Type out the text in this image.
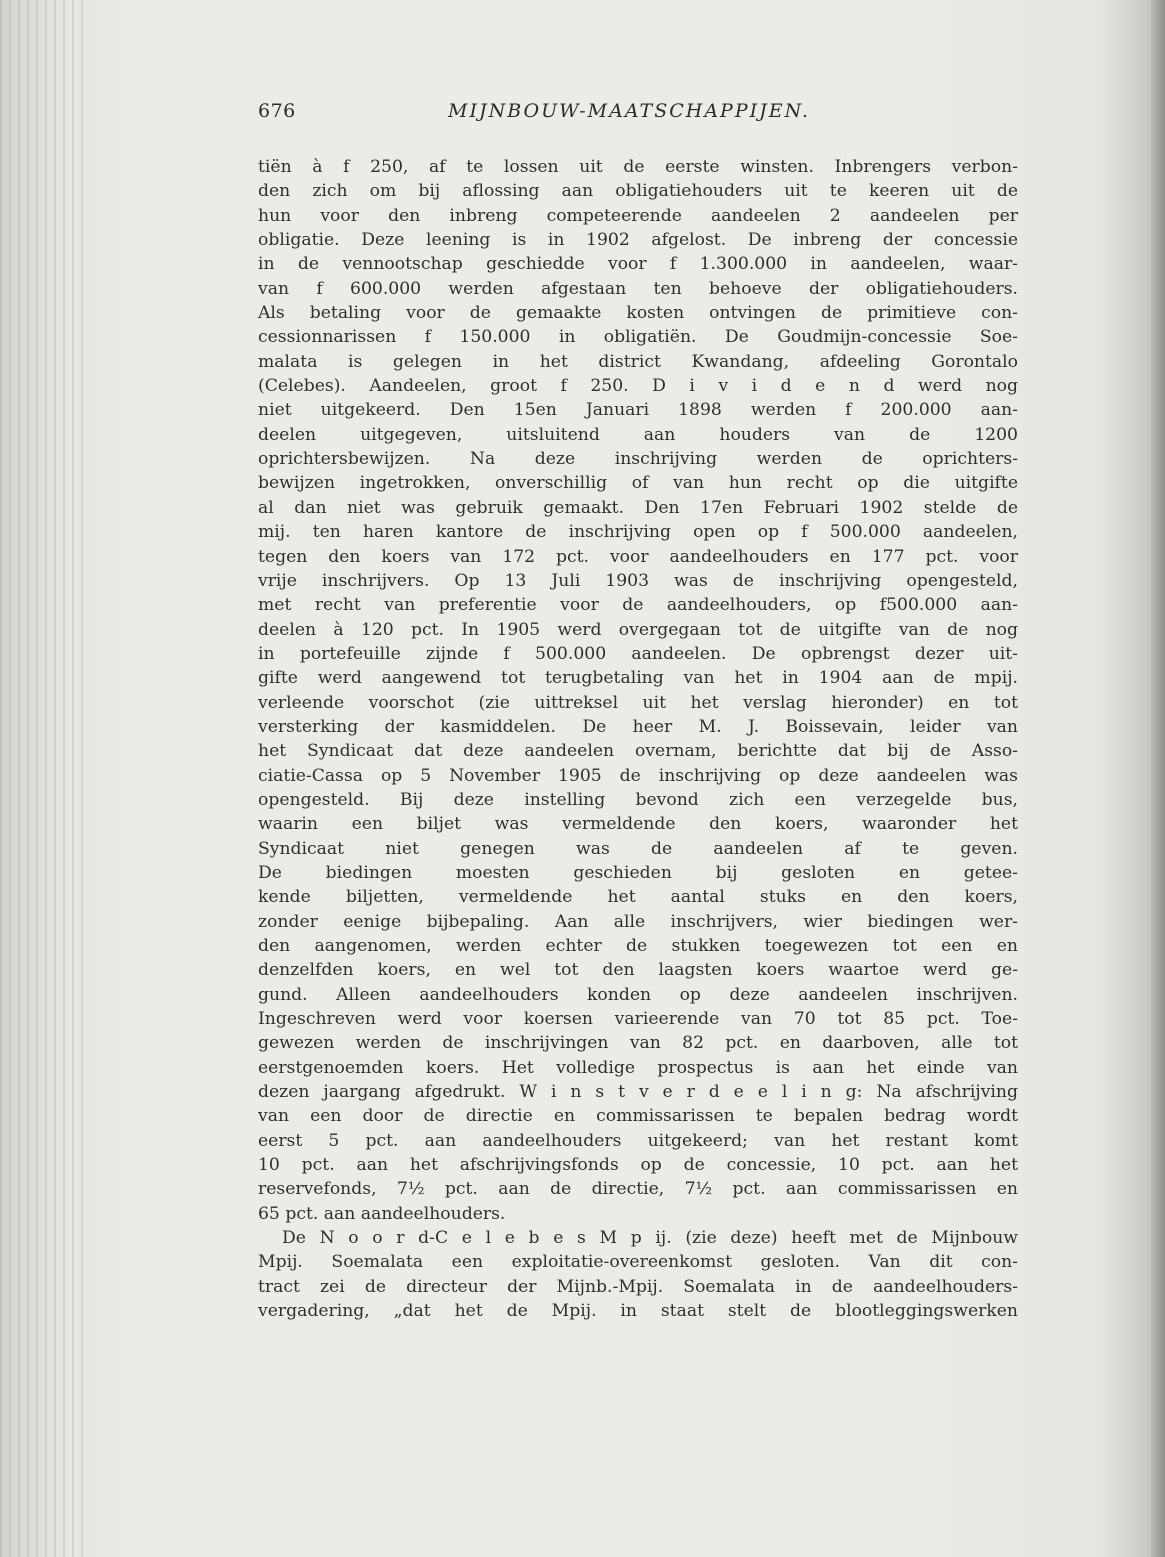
676	MIJNBOUW-MAATSCHAPPIJEN.
tiën à f 250, af te lossen uit de eerste winsten. Inbrengers verbon-
den zich om bij aflossing aan obligatiehouders uit te keeren uit de
hun voor den inbreng competeerende aandeelen 2 aandeelen per
obligatie. Deze leening is in 1902 afgelost. De inbreng der concessie
in de vennootschap geschiedde voor f 1.300.000 in aandeelen, waar-
van f 600.000 werden afgestaan ten behoeve der obligatiehouders.
Als betaling voor de gemaakte kosten ontvingen de primitieve con-
cessionnarissen f 150.000 in obligatiën. De Goudmijn-concessie Soe-
malata is gelegen in het district Kwandang, afdeeling Gorontalo
(Celebes). Aandeelen, groot f 250. D i v i d e n d werd nog
niet uitgekeerd. Den 15en Januari 1898 werden f 200.000 aan-
deelen uitgegeven, uitsluitend aan houders van de 1200
oprichtersbewijzen. Na deze inschrijving werden de oprichters-
bewijzen ingetrokken, onverschillig of van hun recht op die uitgifte
al dan niet was gebruik gemaakt. Den 17en Februari 1902 stelde de
mij. ten haren kantore de inschrijving open op f 500.000 aandeelen,
tegen den koers van 172 pct. voor aandeelhouders en 177 pct. voor
vrije inschrijvers. Op 13 Juli 1903 was de inschrijving opengesteld,
met recht van preferentie voor de aandeelhouders, op f500.000 aan-
deelen à 120 pct. In 1905 werd overgegaan tot de uitgifte van de nog
in portefeuille zijnde f 500.000 aandeelen. De opbrengst dezer uit-
gifte werd aangewend tot terugbetaling van het in 1904 aan de mpij.
verleende voorschot (zie uittreksel uit het verslag hieronder) en tot
versterking der kasmiddelen. De heer M. J. Boissevain, leider van
het Syndicaat dat deze aandeelen overnam, berichtte dat bij de Asso-
ciatie-Cassa op 5 November 1905 de inschrijving op deze aandeelen was
opengesteld. Bij deze instelling bevond zich een verzegelde bus,
waarin een biljet was vermeldende den koers, waaronder het
Syndicaat niet genegen was de aandeelen af te geven.
De biedingen moesten geschieden bij gesloten en getee-
kende biljetten, vermeldende het aantal stuks en den koers,
zonder eenige bijbepaling. Aan alle inschrijvers, wier biedingen wer-
den aangenomen, werden echter de stukken toegewezen tot een en
denzelfden koers, en wel tot den laagsten koers waartoe werd ge-
gund. Alleen aandeelhouders konden op deze aandeelen inschrijven.
Ingeschreven werd voor koersen varieerende van 70 tot 85 pct. Toe-
gewezen werden de inschrijvingen van 82 pct. en daarboven, alle tot
eerstgenoemden koers. Het volledige prospectus is aan het einde van
dezen jaargang afgedrukt. W i n s t v e r d e e l i n g: Na afschrijving
van een door de directie en commissarissen te bepalen bedrag wordt
eerst 5 pct. aan aandeelhouders uitgekeerd; van het restant komt
10 pct. aan het afschrijvingsfonds op de concessie, 10 pct. aan het
reservefonds, 7½ pct. aan de directie, 7½ pct. aan commissarissen en
65 pct. aan aandeelhouders.
De N o o r d-C e l e b e s M p ij. (zie deze) heeft met de Mijnbouw
Mpij. Soemalata een exploitatie-overeenkomst gesloten. Van dit con-
tract zei de directeur der Mijnb.-Mpij. Soemalata in de aandeelhouders-
vergadering, „dat het de Mpij. in staat stelt de blootleggingswerken
